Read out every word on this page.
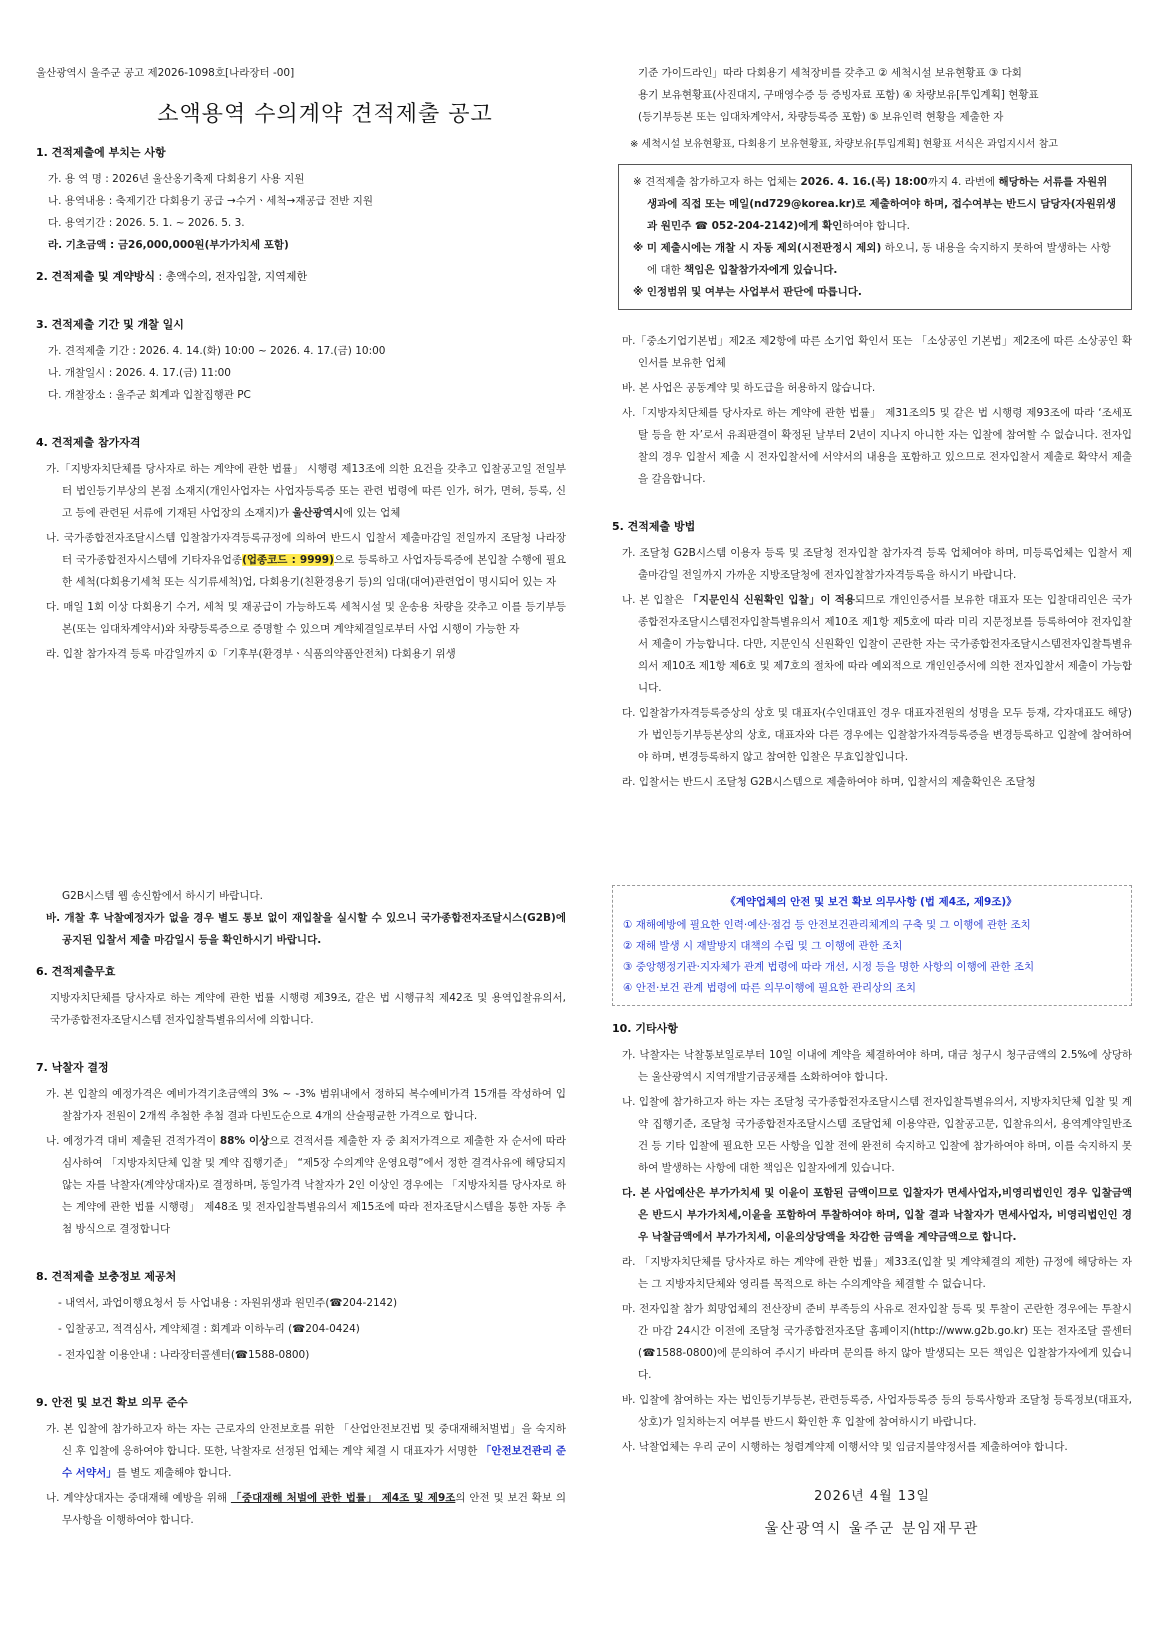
울산광역시 울주군 공고 제2026-1098호[나라장터 -00]
소액용역 수의계약 견적제출 공고
1. 견적제출에 부치는 사항
가. 용 역 명 : 2026년 울산옹기축제 다회용기 사용 지원
나. 용역내용 : 축제기간 다회용기 공급 →수거ㆍ세척→재공급 전반 지원
다. 용역기간 : 2026. 5. 1. ~ 2026. 5. 3.
라. 기초금액 : 금26,000,000원(부가가치세 포함)
2. 견적제출 및 계약방식 : 총액수의, 전자입찰, 지역제한
3. 견적제출 기간 및 개찰 일시
가. 견적제출 기간 : 2026. 4. 14.(화) 10:00 ~ 2026. 4. 17.(금) 10:00
나. 개찰일시 : 2026. 4. 17.(금) 11:00
다. 개찰장소 : 울주군 회계과 입찰집행관 PC
4. 견적제출 참가자격
가.「지방자치단체를 당사자로 하는 계약에 관한 법률」 시행령 제13조에 의한 요건을 갖추고 입찰공고일 전일부터 법인등기부상의 본점 소재지(개인사업자는 사업자등록증 또는 관련 법령에 따른 인가, 허가, 면허, 등록, 신고 등에 관련된 서류에 기재된 사업장의 소재지)가 울산광역시에 있는 업체
나. 국가종합전자조달시스템 입찰참가자격등록규정에 의하여 반드시 입찰서 제출마감일 전일까지 조달청 나라장터 국가종합전자시스템에 기타자유업종(업종코드 : 9999)으로 등록하고 사업자등록증에 본입찰 수행에 필요한 세척(다회용기세척 또는 식기류세척)업, 다회용기(친환경용기 등)의 임대(대여)관련업이 명시되어 있는 자
다. 매일 1회 이상 다회용기 수거, 세척 및 재공급이 가능하도록 세척시설 및 운송용 차량을 갖추고 이를 등기부등본(또는 임대차계약서)와 차량등록증으로 증명할 수 있으며 계약체결일로부터 사업 시행이 가능한 자
라. 입찰 참가자격 등록 마감일까지 ①「기후부(환경부ㆍ식품의약품안전처) 다회용기 위생
기준 가이드라인」따라 다회용기 세척장비를 갖추고 ② 세척시설 보유현황표 ③ 다회
용기 보유현황표(사진대지, 구매영수증 등 증빙자료 포함) ④ 차량보유[투입계획] 현황표
(등기부등본 또는 임대차계약서, 차량등록증 포함) ⑤ 보유인력 현황을 제출한 자
※ 세척시설 보유현황표, 다회용기 보유현황표, 차량보유[투입계획] 현황표 서식은 과업지시서 참고
※ 견적제출 참가하고자 하는 업체는 2026. 4. 16.(목) 18:00까지 4. 라번에 해당하는 서류를 자원위생과에 직접 또는 메일(nd729@korea.kr)로 제출하여야 하며, 접수여부는 반드시 담당자(자원위생과 원민주 ☎ 052-204-2142)에게 확인하여야 합니다.
※ 미 제출시에는 개찰 시 자동 제외(시전판정시 제외) 하오니, 동 내용을 숙지하지 못하여 발생하는 사항에 대한 책임은 입찰참가자에게 있습니다.
※ 인정범위 및 여부는 사업부서 판단에 따릅니다.
마.「중소기업기본법」제2조 제2항에 따른 소기업 확인서 또는 「소상공인 기본법」제2조에 따른 소상공인 확인서를 보유한 업체
바. 본 사업은 공동계약 및 하도급을 허용하지 않습니다.
사.「지방자치단체를 당사자로 하는 계약에 관한 법률」 제31조의5 및 같은 법 시행령 제93조에 따라 ‘조세포탈 등을 한 자’로서 유죄판결이 확정된 날부터 2년이 지나지 아니한 자는 입찰에 참여할 수 없습니다. 전자입찰의 경우 입찰서 제출 시 전자입찰서에 서약서의 내용을 포함하고 있으므로 전자입찰서 제출로 확약서 제출을 갈음합니다.
5. 견적제출 방법
가. 조달청 G2B시스템 이용자 등록 및 조달청 전자입찰 참가자격 등록 업체여야 하며, 미등록업체는 입찰서 제출마감일 전일까지 가까운 지방조달청에 전자입찰참가자격등록을 하시기 바랍니다.
나. 본 입찰은 「지문인식 신원확인 입찰」이 적용되므로 개인인증서를 보유한 대표자 또는 입찰대리인은 국가종합전자조달시스템전자입찰특별유의서 제10조 제1항 제5호에 따라 미리 지문정보를 등록하여야 전자입찰서 제출이 가능합니다. 다만, 지문인식 신원확인 입찰이 곤란한 자는 국가종합전자조달시스템전자입찰특별유의서 제10조 제1항 제6호 및 제7호의 절차에 따라 예외적으로 개인인증서에 의한 전자입찰서 제출이 가능합니다.
다. 입찰참가자격등록증상의 상호 및 대표자(수인대표인 경우 대표자전원의 성명을 모두 등재, 각자대표도 해당)가 법인등기부등본상의 상호, 대표자와 다른 경우에는 입찰참가자격등록증을 변경등록하고 입찰에 참여하여야 하며, 변경등록하지 않고 참여한 입찰은 무효입찰입니다.
라. 입찰서는 반드시 조달청 G2B시스템으로 제출하여야 하며, 입찰서의 제출확인은 조달청
G2B시스템 웹 송신함에서 하시기 바랍니다.
바. 개찰 후 낙찰예정자가 없을 경우 별도 통보 없이 재입찰을 실시할 수 있으니 국가종합전자조달시스(G2B)에 공지된 입찰서 제출 마감일시 등을 확인하시기 바랍니다.
6. 견적제출무효
지방자치단체를 당사자로 하는 계약에 관한 법률 시행령 제39조, 같은 법 시행규칙 제42조 및 용역입찰유의서, 국가종합전자조달시스템 전자입찰특별유의서에 의합니다.
7. 낙찰자 결정
가. 본 입찰의 예정가격은 예비가격기초금액의 3% ~ -3% 범위내에서 정하되 복수예비가격 15개를 작성하여 입찰참가자 전원이 2개씩 추첨한 추첨 결과 다빈도순으로 4개의 산술평균한 가격으로 합니다.
나. 예정가격 대비 제출된 견적가격이 88% 이상으로 견적서를 제출한 자 중 최저가격으로 제출한 자 순서에 따라 심사하여 「지방자치단체 입찰 및 계약 집행기준」 “제5장 수의계약 운영요령”에서 정한 결격사유에 해당되지 않는 자를 낙찰자(계약상대자)로 결정하며, 동일가격 낙찰자가 2인 이상인 경우에는 「지방자치를 당사자로 하는 계약에 관한 법률 시행령」 제48조 및 전자입찰특별유의서 제15조에 따라 전자조달시스템을 통한 자동 추첨 방식으로 결정합니다
8. 견적제출 보충정보 제공처
- 내역서, 과업이행요청서 등 사업내용 : 자원위생과 원민주(☎204-2142)
- 입찰공고, 적격심사, 계약체결 : 회계과 이하누리 (☎204-0424)
- 전자입찰 이용안내 : 나라장터콜센터(☎1588-0800)
9. 안전 및 보건 확보 의무 준수
가. 본 입찰에 참가하고자 하는 자는 근로자의 안전보호를 위한 「산업안전보건법 및 중대재해처벌법」을 숙지하신 후 입찰에 응하여야 합니다. 또한, 낙찰자로 선정된 업체는 계약 체결 시 대표자가 서명한 「안전보건관리 준수 서약서」를 별도 제출해야 합니다.
나. 계약상대자는 중대재해 예방을 위해 「중대재해 처벌에 관한 법률」 제4조 및 제9조의 안전 및 보건 확보 의무사항을 이행하여야 합니다.
《계약업체의 안전 및 보건 확보 의무사항 (법 제4조, 제9조)》
① 재해예방에 필요한 인력·예산·점검 등 안전보건관리체계의 구축 및 그 이행에 관한 조치
② 재해 발생 시 재발방지 대책의 수립 및 그 이행에 관한 조치
③ 중앙행정기관·지자체가 관계 법령에 따라 개선, 시정 등을 명한 사항의 이행에 관한 조치
④ 안전·보건 관계 법령에 따른 의무이행에 필요한 관리상의 조치
10. 기타사항
가. 낙찰자는 낙찰통보일로부터 10일 이내에 계약을 체결하여야 하며, 대금 청구시 청구금액의 2.5%에 상당하는 울산광역시 지역개발기금공채를 소화하여야 합니다.
나. 입찰에 참가하고자 하는 자는 조달청 국가종합전자조달시스템 전자입찰특별유의서, 지방자치단체 입찰 및 계약 집행기준, 조달청 국가종합전자조달시스템 조달업체 이용약관, 입찰공고문, 입찰유의서, 용역계약일반조건 등 기타 입찰에 필요한 모든 사항을 입찰 전에 완전히 숙지하고 입찰에 참가하여야 하며, 이를 숙지하지 못하여 발생하는 사항에 대한 책임은 입찰자에게 있습니다.
다. 본 사업예산은 부가가치세 및 이윤이 포함된 금액이므로 입찰자가 면세사업자,비영리법인인 경우 입찰금액은 반드시 부가가치세,이윤을 포함하여 투찰하여야 하며, 입찰 결과 낙찰자가 면세사업자, 비영리법인인 경우 낙찰금액에서 부가가치세, 이윤의상당액을 차감한 금액을 계약금액으로 합니다.
라. 「지방자치단체를 당사자로 하는 계약에 관한 법률」제33조(입찰 및 계약체결의 제한) 규정에 해당하는 자는 그 지방자치단체와 영리를 목적으로 하는 수의계약을 체결할 수 없습니다.
마. 전자입찰 참가 희망업체의 전산장비 준비 부족등의 사유로 전자입찰 등록 및 투찰이 곤란한 경우에는 투찰시간 마감 24시간 이전에 조달청 국가종합전자조달 홈페이지(http://www.g2b.go.kr) 또는 전자조달 콜센터(☎1588-0800)에 문의하여 주시기 바라며 문의를 하지 않아 발생되는 모든 책임은 입찰참가자에게 있습니다.
바. 입찰에 참여하는 자는 법인등기부등본, 관련등록증, 사업자등록증 등의 등록사항과 조달청 등록정보(대표자, 상호)가 일치하는지 여부를 반드시 확인한 후 입찰에 참여하시기 바랍니다.
사. 낙찰업체는 우리 군이 시행하는 청렴계약제 이행서약 및 임금지불약정서를 제출하여야 합니다.
2026년 4월 13일
울산광역시 울주군 분임재무관
